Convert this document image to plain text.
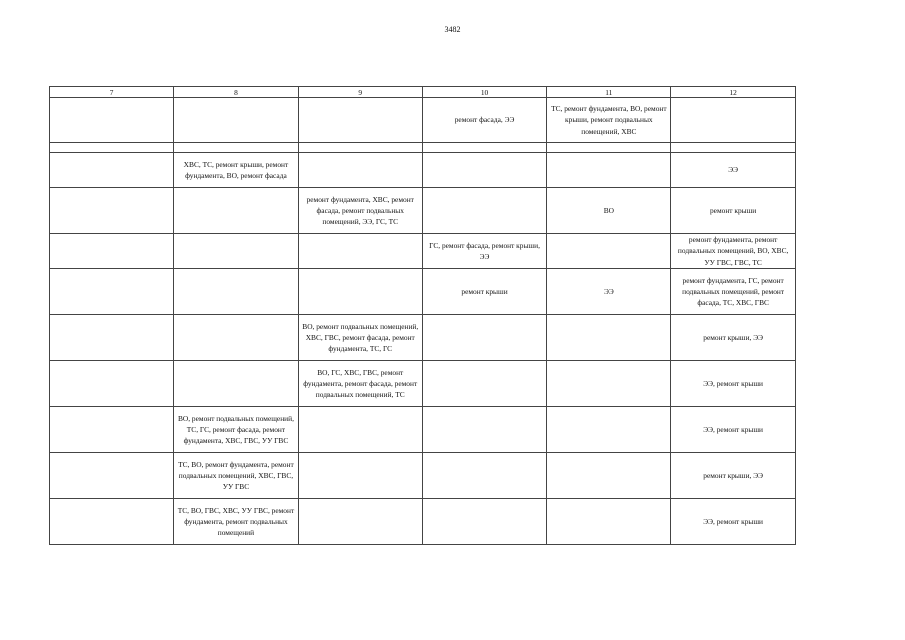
3482
7	8	9	10	11	12
			ремонт фасада, ЭЭ	ТС, ремонт фундамента, ВО, ремонт крыши, ремонт подвальных помещений, ХВС	

	ХВС, ТС, ремонт крыши, ремонт фундамента, ВО, ремонт фасада				ЭЭ
		ремонт фундамента, ХВС, ремонт фасада, ремонт подвальных помещений, ЭЭ, ГС, ТС		ВО	ремонт крыши
			ГС, ремонт фасада, ремонт крыши, ЭЭ		ремонт фундамента, ремонт подвальных помещений, ВО, ХВС, УУ ГВС, ГВС, ТС
			ремонт крыши	ЭЭ	ремонт фундамента, ГС, ремонт подвальных помещений, ремонт фасада, ТС, ХВС, ГВС
		ВО, ремонт подвальных помещений, ХВС, ГВС, ремонт фасада, ремонт фундамента, ТС, ГС			ремонт крыши, ЭЭ
		ВО, ГС, ХВС, ГВС, ремонт фундамента, ремонт фасада, ремонт подвальных помещений, ТС			ЭЭ, ремонт крыши
	ВО, ремонт подвальных помещений, ТС, ГС, ремонт фасада, ремонт фундамента, ХВС, ГВС, УУ ГВС				ЭЭ, ремонт крыши
	ТС, ВО, ремонт фундамента, ремонт подвальных помещений, ХВС, ГВС, УУ ГВС				ремонт крыши, ЭЭ
	ТС, ВО, ГВС, ХВС, УУ ГВС, ремонт фундамента, ремонт подвальных помещений				ЭЭ, ремонт крыши
